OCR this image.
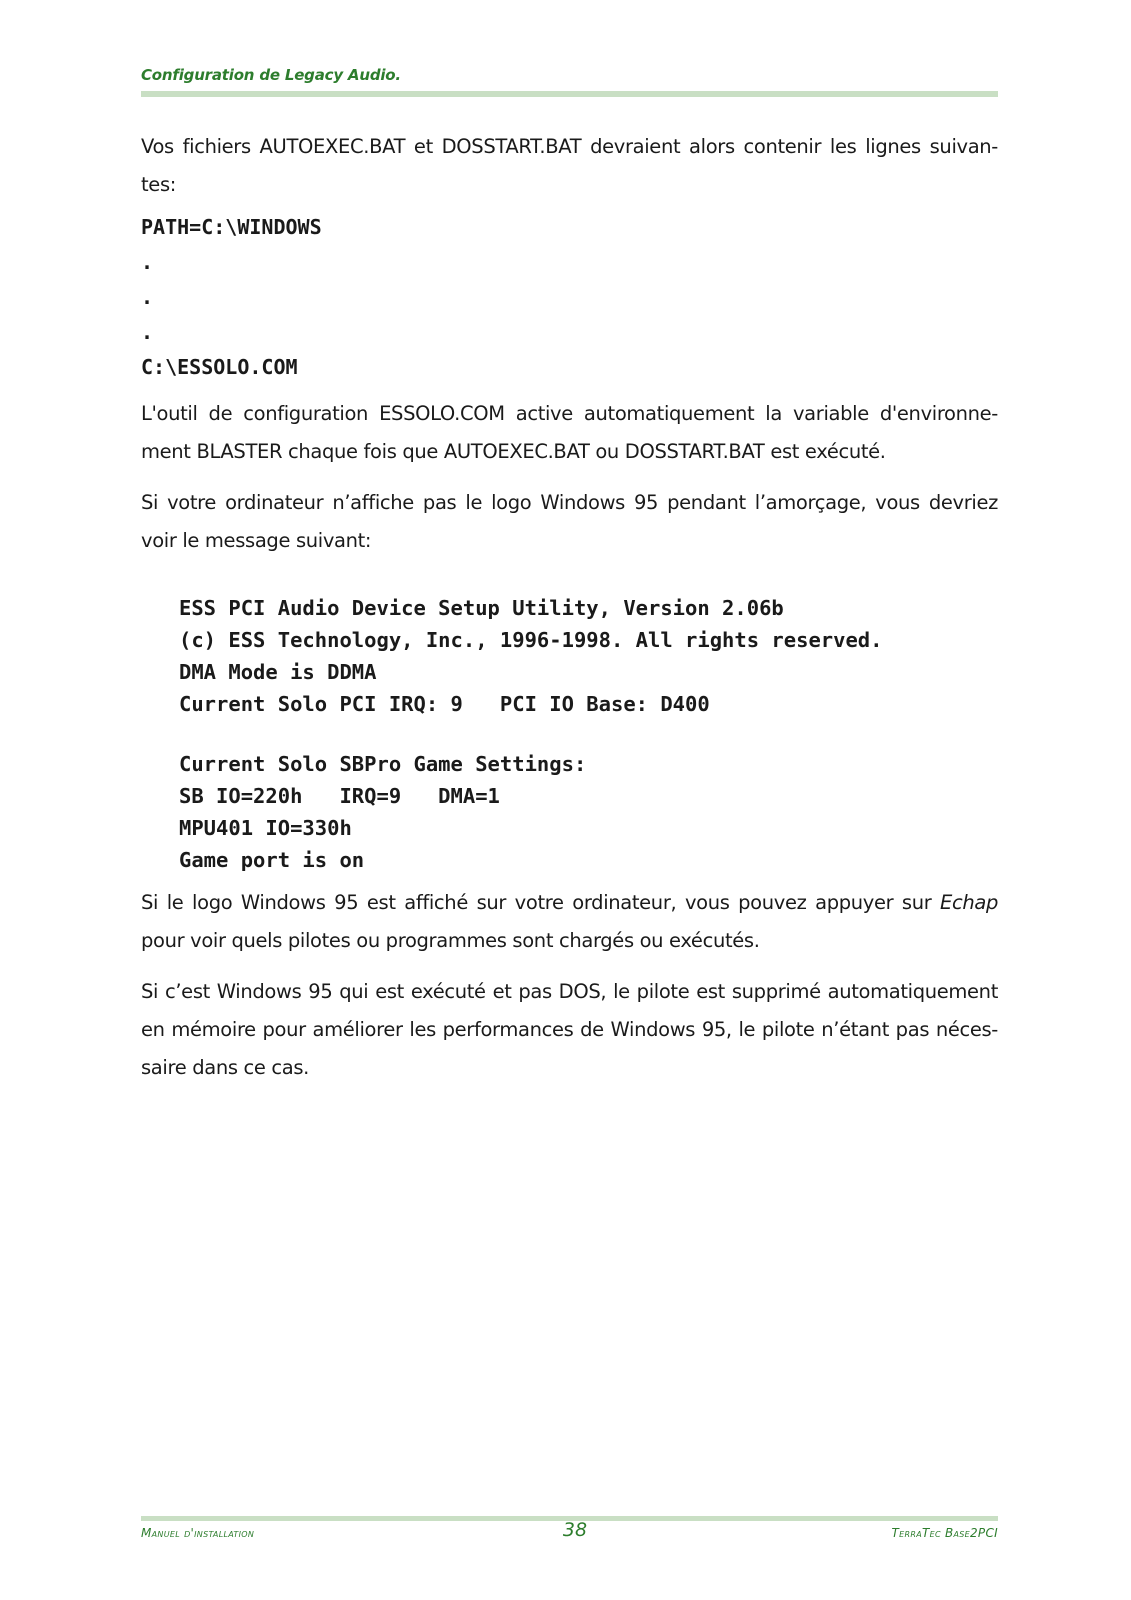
Configuration de Legacy Audio.

Vos fichiers AUTOEXEC.BAT et DOSSTART.BAT devraient alors contenir les lignes suivan- tes:

PATH=C:\WINDOWS
.
.
.
C:\ESSOLO.COM

L'outil de configuration ESSOLO.COM active automatiquement la variable d'environne- ment BLASTER chaque fois que AUTOEXEC.BAT ou DOSSTART.BAT est exécuté.

Si votre ordinateur n’affiche pas le logo Windows 95 pendant l’amorçage, vous devriez voir le message suivant:

ESS PCI Audio Device Setup Utility, Version 2.06b
(c) ESS Technology, Inc., 1996-1998. All rights reserved.
DMA Mode is DDMA
Current Solo PCI IRQ: 9   PCI IO Base: D400
Current Solo SBPro Game Settings:
SB IO=220h   IRQ=9   DMA=1
MPU401 IO=330h
Game port is on

Si le logo Windows 95 est affiché sur votre ordinateur, vous pouvez appuyer sur Echap pour voir quels pilotes ou programmes sont chargés ou exécutés.

Si c’est Windows 95 qui est exécuté et pas DOS, le pilote est supprimé automatiquement en mémoire pour améliorer les performances de Windows 95, le pilote n’étant pas néces- saire dans ce cas.

Manuel d'installation	38	TerraTec Base2PCI
